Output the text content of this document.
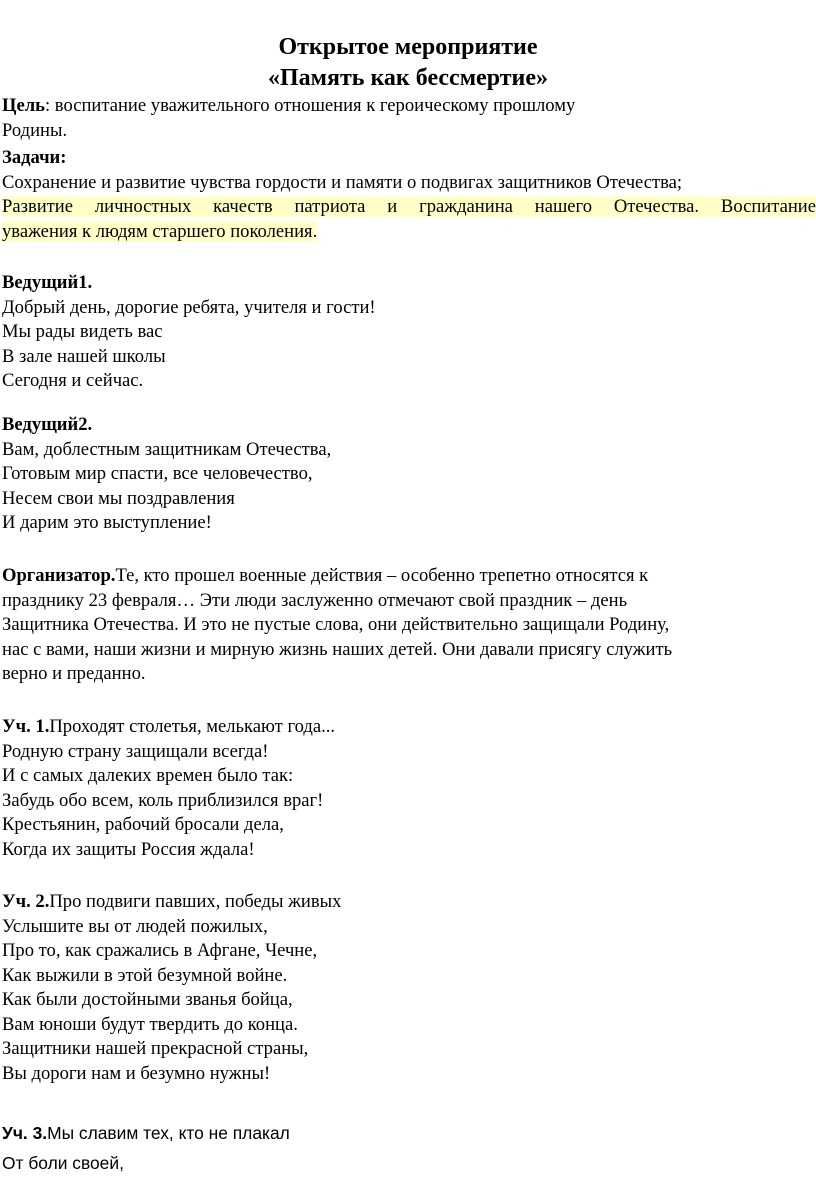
Открытое мероприятие
«Память как бессмертие»
Цель: воспитание уважительного отношения к героическому прошлому
Родины.
Задачи:
Сохранение и развитие чувства гордости и памяти о подвигах защитников Отечества;
Развитие личностных качеств патриота и гражданина нашего Отечества. Воспитание
уважения к людям старшего поколения.
Ведущий1.
Добрый день, дорогие ребята, учителя и гости!
Мы рады видеть вас
В зале нашей школы
Сегодня и сейчас.
Ведущий2.
Вам, доблестным защитникам Отечества,
Готовым мир спасти, все человечество,
Несем свои мы поздравления
И дарим это выступление!
Организатор.Те, кто прошел военные действия – особенно трепетно относятся к
празднику 23 февраля… Эти люди заслуженно отмечают свой праздник – день
Защитника Отечества. И это не пустые слова, они действительно защищали Родину,
нас с вами, наши жизни и мирную жизнь наших детей. Они давали присягу служить
верно и преданно.
Уч. 1.Проходят столетья, мелькают года...
Родную страну защищали всегда!
И с самых далеких времен было так:
Забудь обо всем, коль приблизился враг!
Крестьянин, рабочий бросали дела,
Когда их защиты Россия ждала!
Уч. 2.Про подвиги павших, победы живых
Услышите вы от людей пожилых,
Про то, как сражались в Афгане, Чечне,
Как выжили в этой безумной войне.
Как были достойными званья бойца,
Вам юноши будут твердить до конца.
Защитники нашей прекрасной страны,
Вы дороги нам и безумно нужны!
Уч. 3.Мы славим тех, кто не плакал
От боли своей,
